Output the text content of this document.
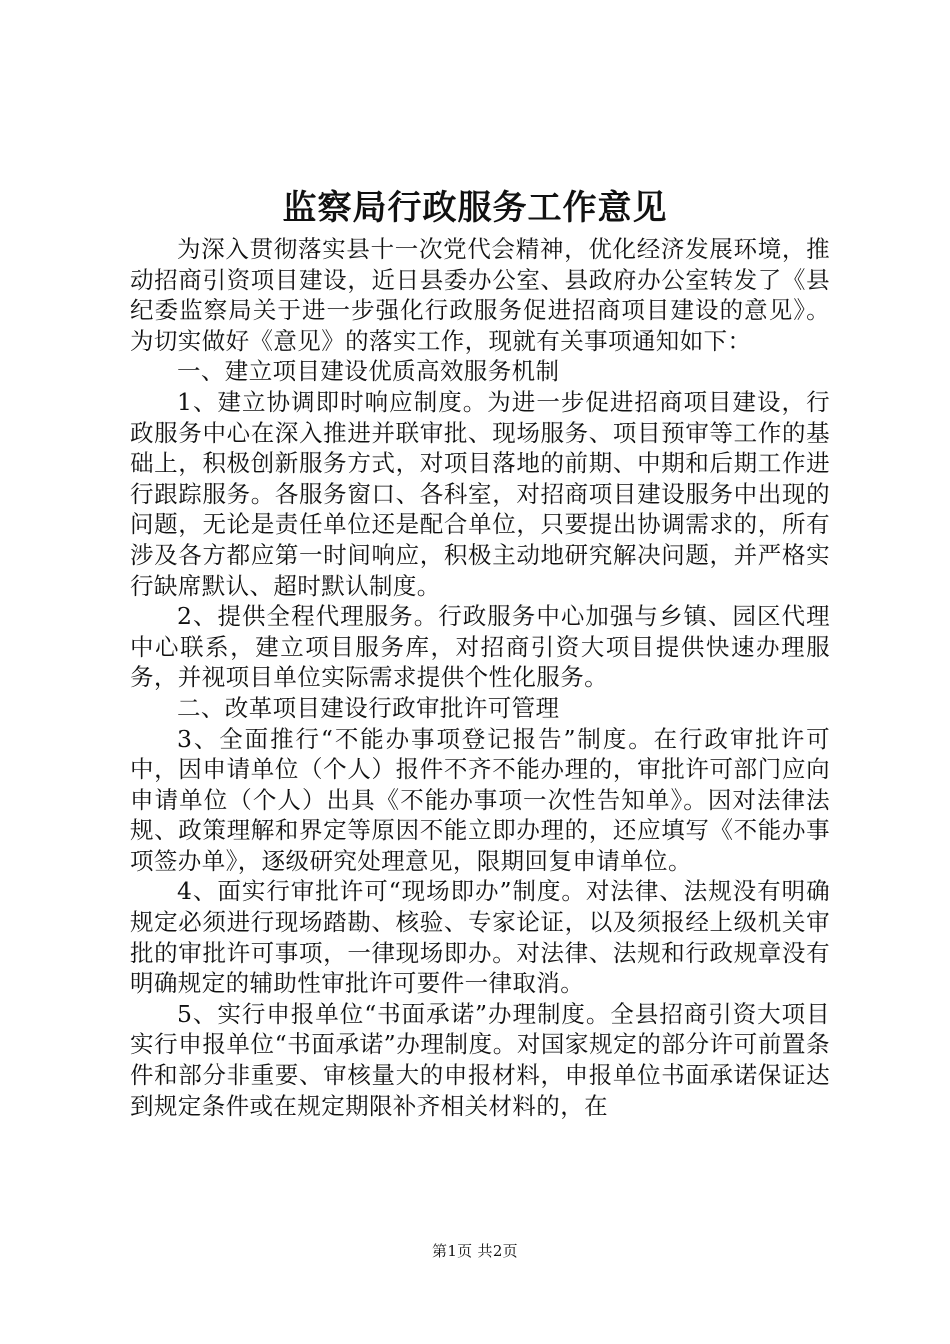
监察局行政服务工作意见

为深入贯彻落实县十一次党代会精神，优化经济发展环境，推动招商引资项目建设，近日县委办公室、县政府办公室转发了《县纪委监察局关于进一步强化行政服务促进招商项目建设的意见》。为切实做好《意见》的落实工作，现就有关事项通知如下：

一、建立项目建设优质高效服务机制

1、建立协调即时响应制度。为进一步促进招商项目建设，行政服务中心在深入推进并联审批、现场服务、项目预审等工作的基础上，积极创新服务方式，对项目落地的前期、中期和后期工作进行跟踪服务。各服务窗口、各科室，对招商项目建设服务中出现的问题，无论是责任单位还是配合单位，只要提出协调需求的，所有涉及各方都应第一时间响应，积极主动地研究解决问题，并严格实行缺席默认、超时默认制度。

2、提供全程代理服务。行政服务中心加强与乡镇、园区代理中心联系，建立项目服务库，对招商引资大项目提供快速办理服务，并视项目单位实际需求提供个性化服务。

二、改革项目建设行政审批许可管理

3、全面推行“不能办事项登记报告”制度。在行政审批许可中，因申请单位（个人）报件不齐不能办理的，审批许可部门应向申请单位（个人）出具《不能办事项一次性告知单》。因对法律法规、政策理解和界定等原因不能立即办理的，还应填写《不能办事项签办单》，逐级研究处理意见，限期回复申请单位。

4、面实行审批许可“现场即办”制度。对法律、法规没有明确规定必须进行现场踏勘、核验、专家论证，以及须报经上级机关审批的审批许可事项，一律现场即办。对法律、法规和行政规章没有明确规定的辅助性审批许可要件一律取消。

5、实行申报单位“书面承诺”办理制度。全县招商引资大项目实行申报单位“书面承诺”办理制度。对国家规定的部分许可前置条件和部分非重要、审核量大的申报材料，申报单位书面承诺保证达到规定条件或在规定期限补齐相关材料的，在

第1页 共2页
